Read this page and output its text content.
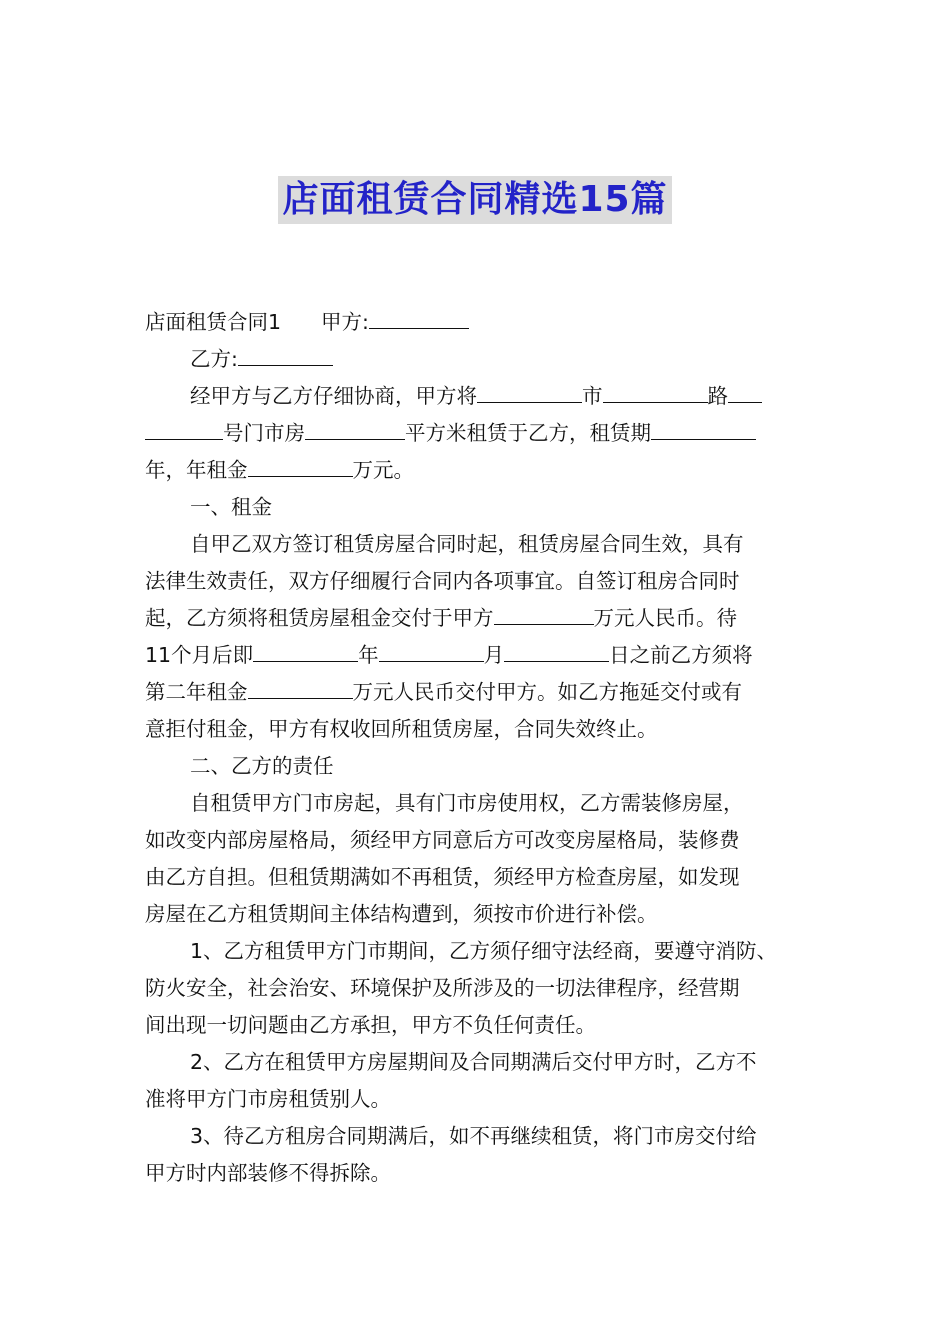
店面租赁合同精选15篇

店面租赁合同1 甲方:

乙方:

经甲方与乙方仔细协商，甲方将	市	路

号门市房	平方米租赁于乙方，租赁期

年，年租金	万元。

一、租金

自甲乙双方签订租赁房屋合同时起，租赁房屋合同生效，具有

法律生效责任，双方仔细履行合同内各项事宜。自签订租房合同时

起，乙方须将租赁房屋租金交付于甲方	万元人民币。待

11个月后即	年	月	日之前乙方须将

第二年租金	万元人民币交付甲方。如乙方拖延交付或有

意拒付租金，甲方有权收回所租赁房屋，合同失效终止。

二、乙方的责任

自租赁甲方门市房起，具有门市房使用权，乙方需装修房屋，

如改变内部房屋格局，须经甲方同意后方可改变房屋格局，装修费

由乙方自担。但租赁期满如不再租赁，须经甲方检查房屋，如发现

房屋在乙方租赁期间主体结构遭到，须按市价进行补偿。

1、乙方租赁甲方门市期间，乙方须仔细守法经商，要遵守消防、

防火安全，社会治安、环境保护及所涉及的一切法律程序，经营期

间出现一切问题由乙方承担，甲方不负任何责任。

2、乙方在租赁甲方房屋期间及合同期满后交付甲方时，乙方不

准将甲方门市房租赁别人。

3、待乙方租房合同期满后，如不再继续租赁，将门市房交付给

甲方时内部装修不得拆除。
